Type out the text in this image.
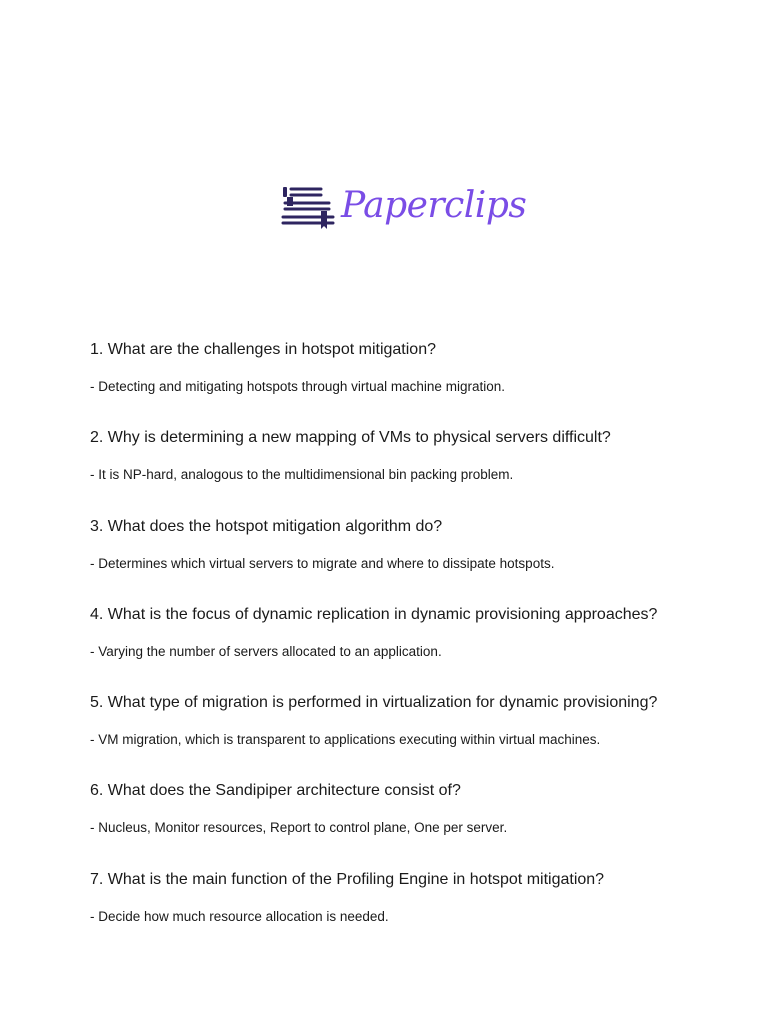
Paperclips

1. What are the challenges in hotspot mitigation?

- Detecting and mitigating hotspots through virtual machine migration.

2. Why is determining a new mapping of VMs to physical servers difficult?

- It is NP-hard, analogous to the multidimensional bin packing problem.

3. What does the hotspot mitigation algorithm do?

- Determines which virtual servers to migrate and where to dissipate hotspots.

4. What is the focus of dynamic replication in dynamic provisioning approaches?

- Varying the number of servers allocated to an application.

5. What type of migration is performed in virtualization for dynamic provisioning?

- VM migration, which is transparent to applications executing within virtual machines.

6. What does the Sandipiper architecture consist of?

- Nucleus, Monitor resources, Report to control plane, One per server.

7. What is the main function of the Profiling Engine in hotspot mitigation?

- Decide how much resource allocation is needed.
